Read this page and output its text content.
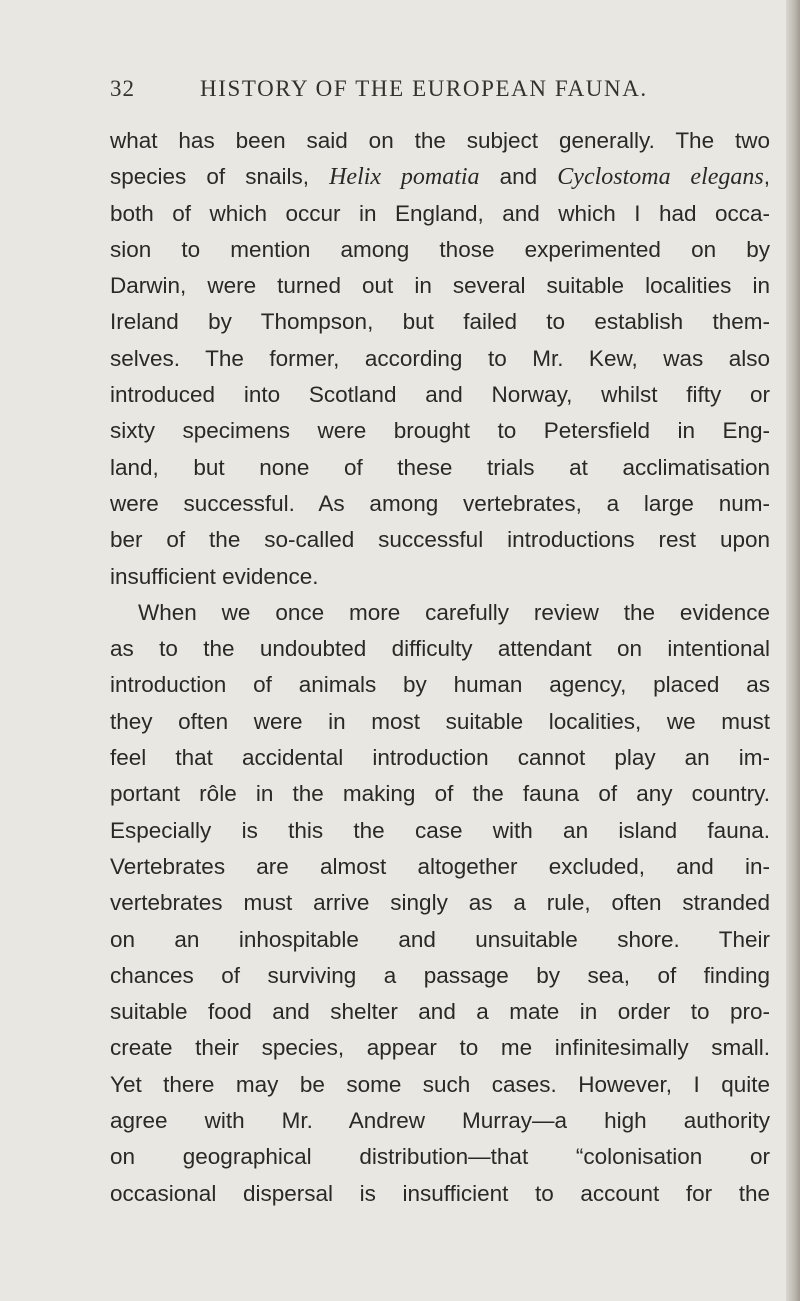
32	HISTORY OF THE EUROPEAN FAUNA.
what has been said on the subject generally. The two
species of snails, Helix pomatia and Cyclostoma elegans,
both of which occur in England, and which I had occa-
sion to mention among those experimented on by
Darwin, were turned out in several suitable localities in
Ireland by Thompson, but failed to establish them-
selves. The former, according to Mr. Kew, was also
introduced into Scotland and Norway, whilst fifty or
sixty specimens were brought to Petersfield in Eng-
land, but none of these trials at acclimatisation
were successful. As among vertebrates, a large num-
ber of the so-called successful introductions rest upon
insufficient evidence.
When we once more carefully review the evidence
as to the undoubted difficulty attendant on intentional
introduction of animals by human agency, placed as
they often were in most suitable localities, we must
feel that accidental introduction cannot play an im-
portant rôle in the making of the fauna of any country.
Especially is this the case with an island fauna.
Vertebrates are almost altogether excluded, and in-
vertebrates must arrive singly as a rule, often stranded
on an inhospitable and unsuitable shore. Their
chances of surviving a passage by sea, of finding
suitable food and shelter and a mate in order to pro-
create their species, appear to me infinitesimally small.
Yet there may be some such cases. However, I quite
agree with Mr. Andrew Murray—a high authority
on geographical distribution—that “colonisation or
occasional dispersal is insufficient to account for the
